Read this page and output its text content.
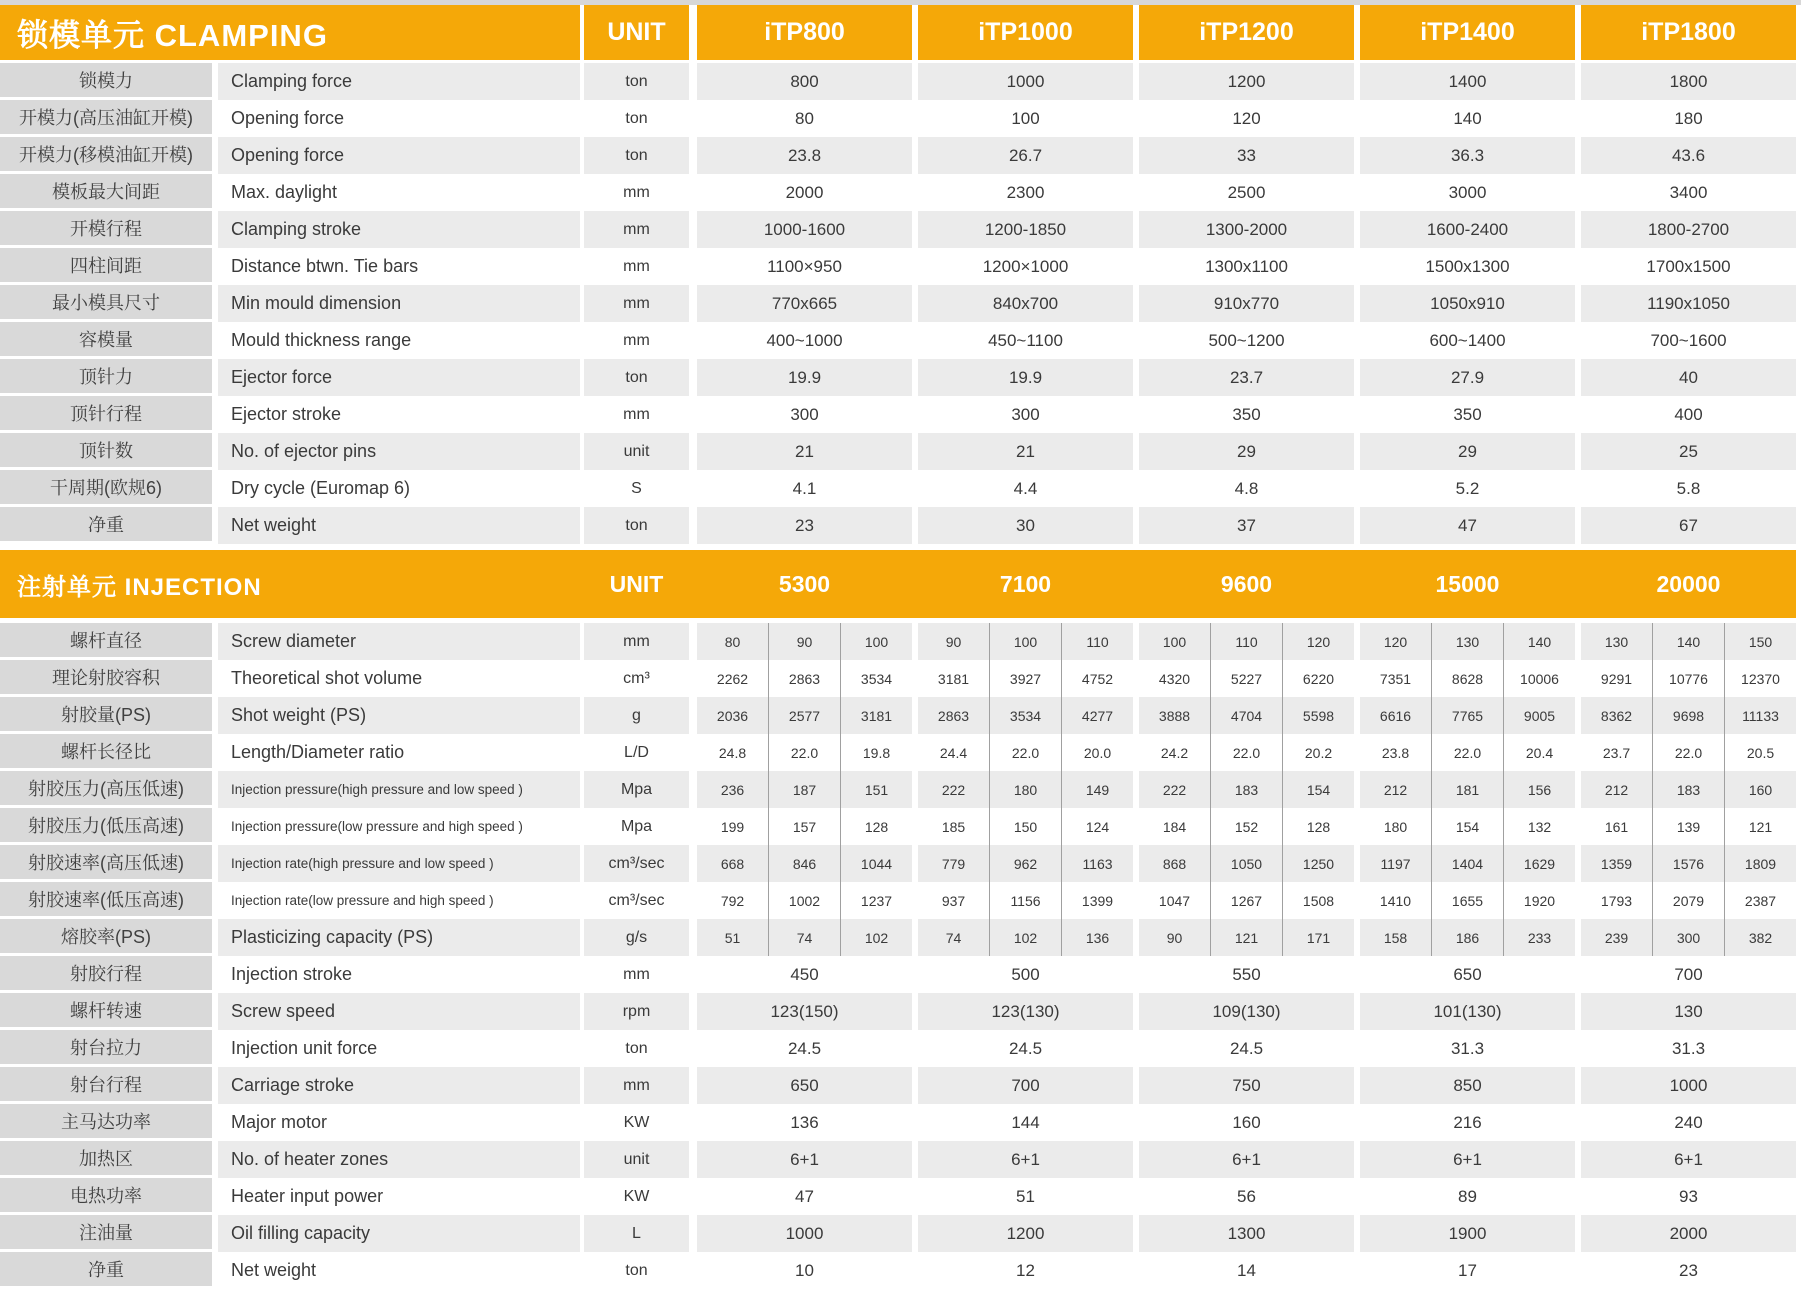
锁模单元 CLAMPING	UNIT	iTP800	iTP1000	iTP1200	iTP1400	iTP1800
锁模力	Clamping force	ton	800	1000	1200	1400	1800
开模力(高压油缸开模)	Opening force	ton	80	100	120	140	180
开模力(移模油缸开模)	Opening force	ton	23.8	26.7	33	36.3	43.6
模板最大间距	Max. daylight	mm	2000	2300	2500	3000	3400
开模行程	Clamping stroke	mm	1000-1600	1200-1850	1300-2000	1600-2400	1800-2700
四柱间距	Distance btwn. Tie bars	mm	1100×950	1200×1000	1300x1100	1500x1300	1700x1500
最小模具尺寸	Min mould dimension	mm	770x665	840x700	910x770	1050x910	1190x1050
容模量	Mould thickness range	mm	400~1000	450~1100	500~1200	600~1400	700~1600
顶针力	Ejector force	ton	19.9	19.9	23.7	27.9	40
顶针行程	Ejector stroke	mm	300	300	350	350	400
顶针数	No. of ejector pins	unit	21	21	29	29	25
干周期(欧规6)	Dry cycle (Euromap 6)	S	4.1	4.4	4.8	5.2	5.8
净重	Net weight	ton	23	30	37	47	67
注射单元 INJECTION	UNIT	5300	7100	9600	15000	20000
螺杆直径	Screw diameter	mm	80	90	100	90	100	110	100	110	120	120	130	140	130	140	150
理论射胶容积	Theoretical shot volume	cm³	2262	2863	3534	3181	3927	4752	4320	5227	6220	7351	8628	10006	9291	10776	12370
射胶量(PS)	Shot weight (PS)	g	2036	2577	3181	2863	3534	4277	3888	4704	5598	6616	7765	9005	8362	9698	11133
螺杆长径比	Length/Diameter ratio	L/D	24.8	22.0	19.8	24.4	22.0	20.0	24.2	22.0	20.2	23.8	22.0	20.4	23.7	22.0	20.5
射胶压力(高压低速)	Injection pressure(high pressure and low speed )	Mpa	236	187	151	222	180	149	222	183	154	212	181	156	212	183	160
射胶压力(低压高速)	Injection pressure(low pressure and high speed )	Mpa	199	157	128	185	150	124	184	152	128	180	154	132	161	139	121
射胶速率(高压低速)	Injection rate(high pressure and low speed )	cm³/sec	668	846	1044	779	962	1163	868	1050	1250	1197	1404	1629	1359	1576	1809
射胶速率(低压高速)	Injection rate(low pressure and high speed )	cm³/sec	792	1002	1237	937	1156	1399	1047	1267	1508	1410	1655	1920	1793	2079	2387
熔胶率(PS)	Plasticizing capacity (PS)	g/s	51	74	102	74	102	136	90	121	171	158	186	233	239	300	382
射胶行程	Injection stroke	mm	450	500	550	650	700
螺杆转速	Screw speed	rpm	123(150)	123(130)	109(130)	101(130)	130
射台拉力	Injection unit force	ton	24.5	24.5	24.5	31.3	31.3
射台行程	Carriage stroke	mm	650	700	750	850	1000
主马达功率	Major motor	KW	136	144	160	216	240
加热区	No. of heater zones	unit	6+1	6+1	6+1	6+1	6+1
电热功率	Heater input power	KW	47	51	56	89	93
注油量	Oil filling capacity	L	1000	1200	1300	1900	2000
净重	Net weight	ton	10	12	14	17	23
